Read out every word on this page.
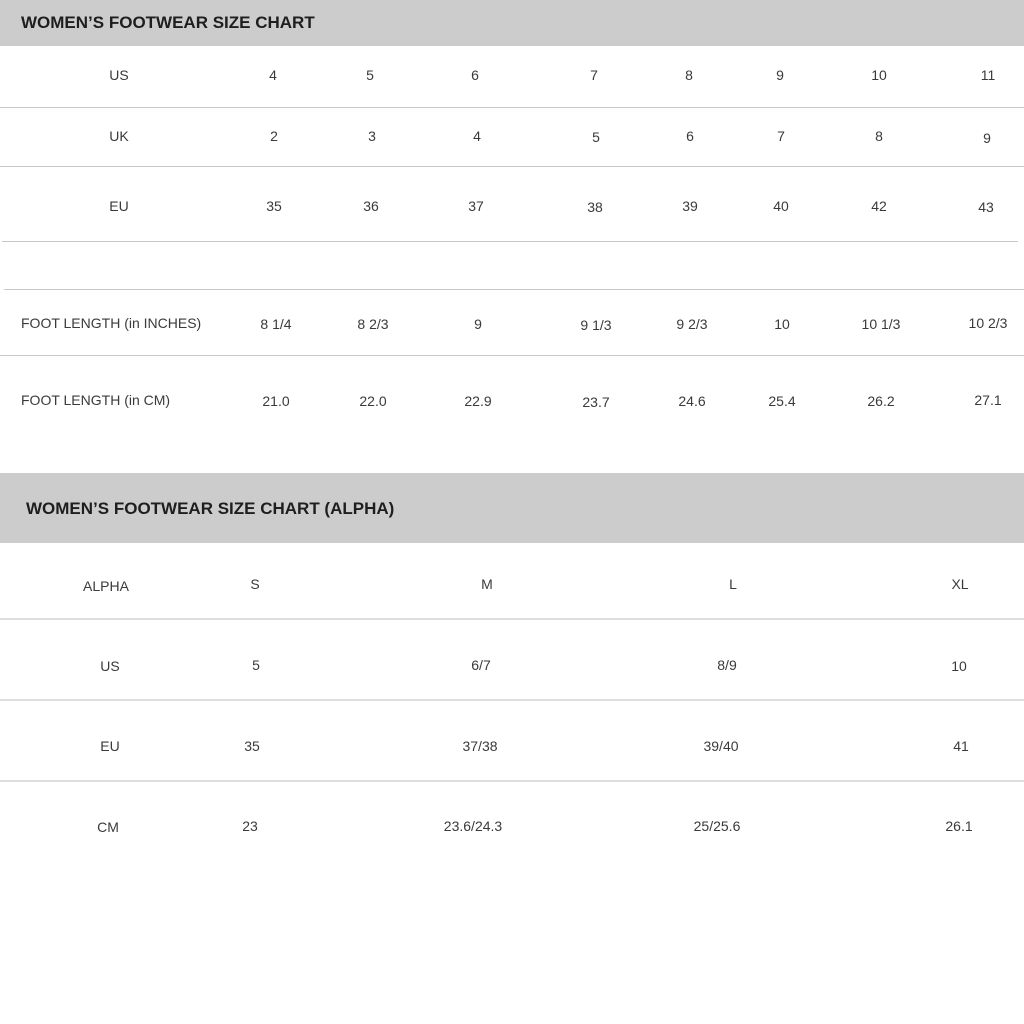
WOMEN’S FOOTWEAR SIZE CHART
US	4	5	6	7	8	9	10	11
UK	2	3	4	5	6	7	8	9
EU	35	36	37	38	39	40	42	43
FOOT LENGTH (in INCHES)	8 1/4	8 2/3	9	9 1/3	9 2/3	10	10 1/3	10 2/3
FOOT LENGTH (in CM)	21.0	22.0	22.9	23.7	24.6	25.4	26.2	27.1
WOMEN’S FOOTWEAR SIZE CHART (ALPHA)
ALPHA	S	M	L	XL
US	5	6/7	8/9	10
EU	35	37/38	39/40	41
CM	23	23.6/24.3	25/25.6	26.1
